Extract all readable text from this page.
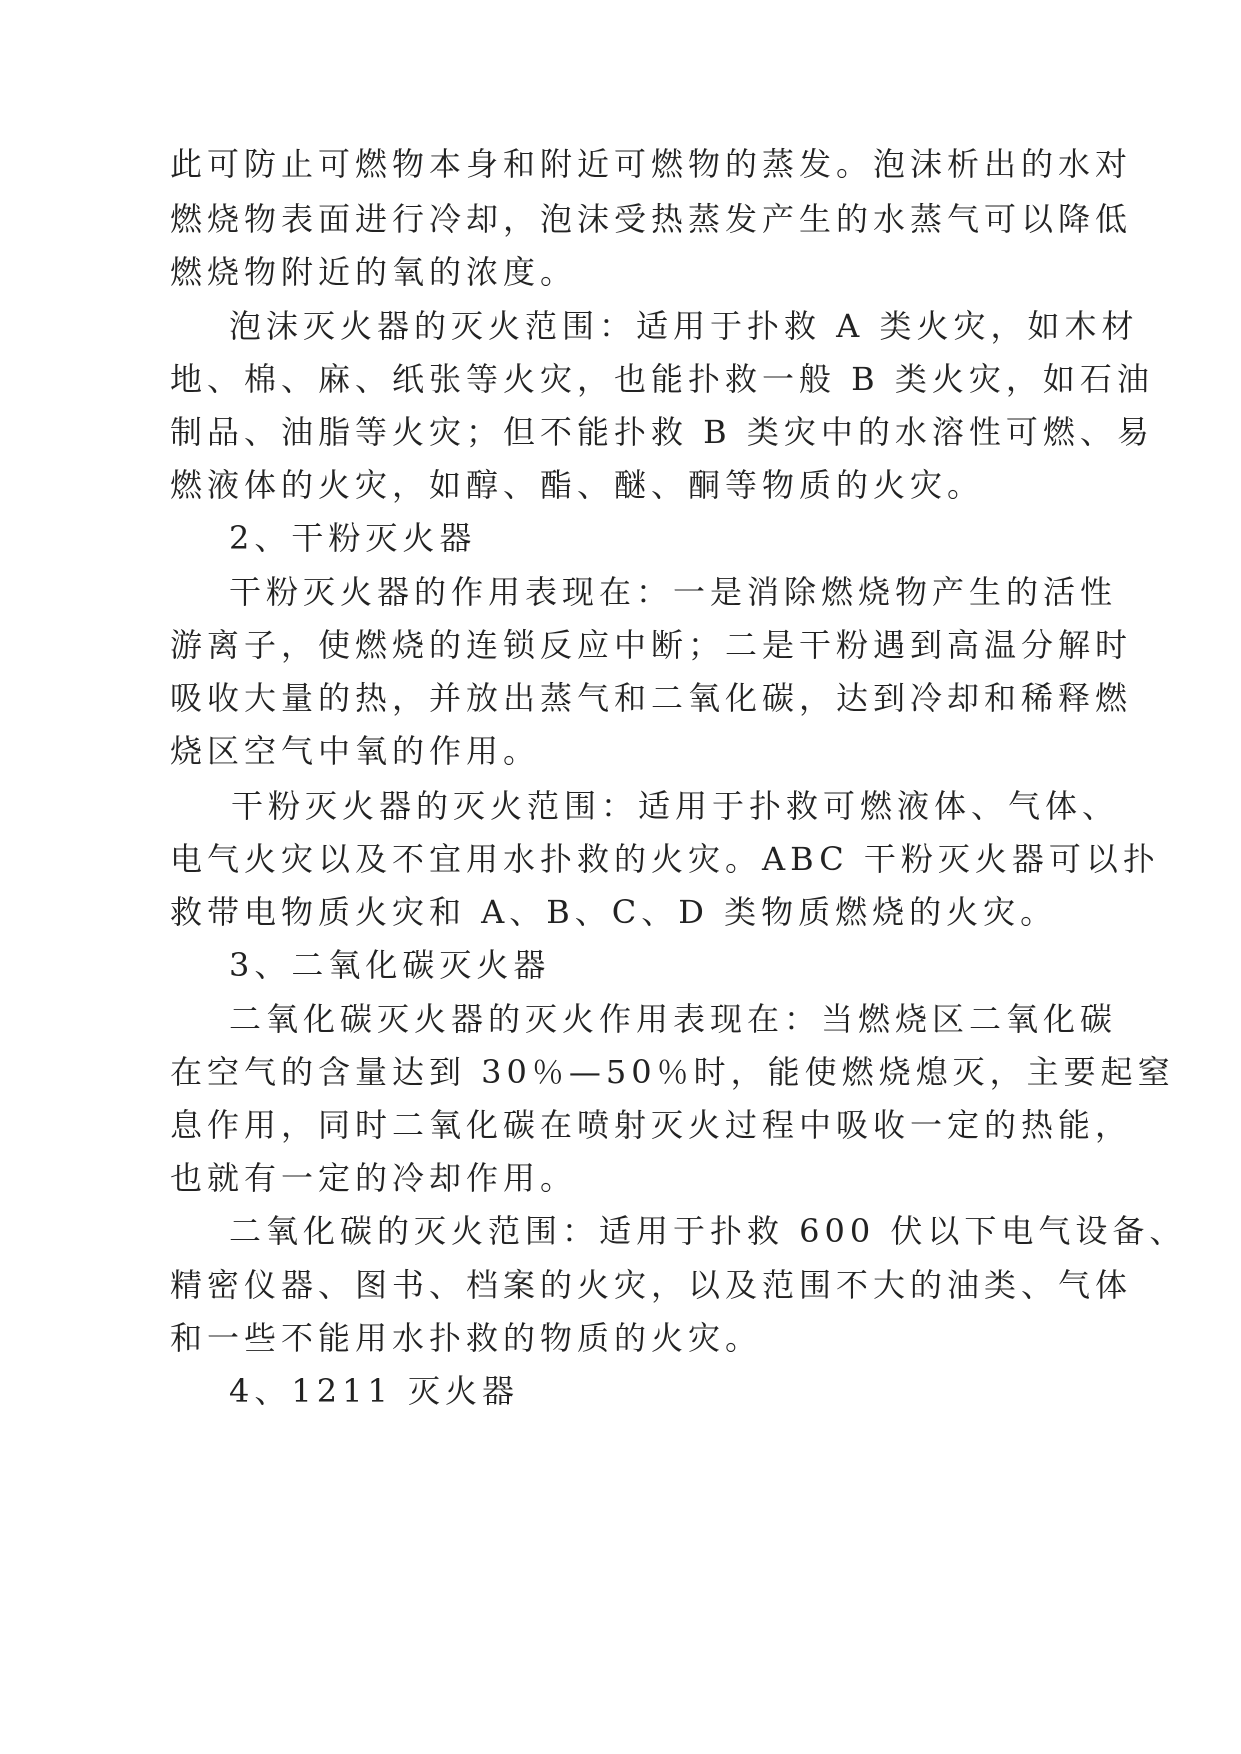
此可防止可燃物本身和附近可燃物的蒸发。泡沫析出的水对

燃烧物表面进行冷却，泡沫受热蒸发产生的水蒸气可以降低

燃烧物附近的氧的浓度。

泡沫灭火器的灭火范围：适用于扑救 A 类火灾，如木材

地、棉、麻、纸张等火灾，也能扑救一般 B 类火灾，如石油

制品、油脂等火灾；但不能扑救 B 类灾中的水溶性可燃、易

燃液体的火灾，如醇、酯、醚、酮等物质的火灾。

2、干粉灭火器

干粉灭火器的作用表现在：一是消除燃烧物产生的活性

游离子，使燃烧的连锁反应中断；二是干粉遇到高温分解时

吸收大量的热，并放出蒸气和二氧化碳，达到冷却和稀释燃

烧区空气中氧的作用。

干粉灭火器的灭火范围：适用于扑救可燃液体、气体、

电气火灾以及不宜用水扑救的火灾。ABC 干粉灭火器可以扑

救带电物质火灾和 A、B、C、D 类物质燃烧的火灾。

3、二氧化碳灭火器

二氧化碳灭火器的灭火作用表现在：当燃烧区二氧化碳

在空气的含量达到 30％—50％时，能使燃烧熄灭，主要起窒

息作用，同时二氧化碳在喷射灭火过程中吸收一定的热能，

也就有一定的冷却作用。

二氧化碳的灭火范围：适用于扑救 600 伏以下电气设备、

精密仪器、图书、档案的火灾，以及范围不大的油类、气体

和一些不能用水扑救的物质的火灾。

4、1211 灭火器
